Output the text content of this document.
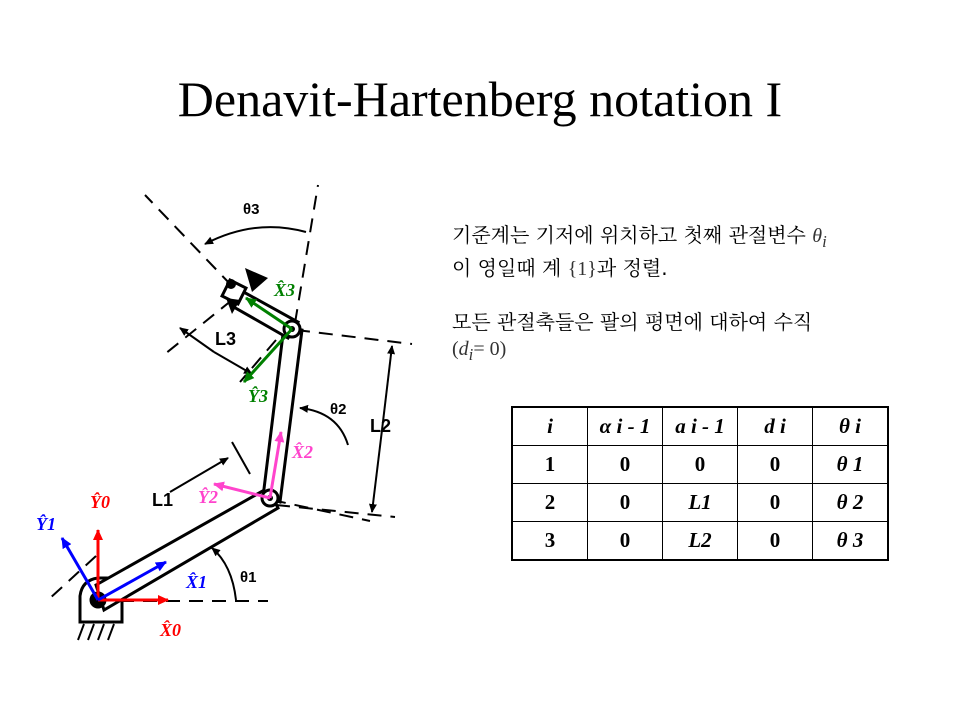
Denavit-Hartenberg notation I
θ1
θ2
θ3
L1
L2
L3
X̂0
Ŷ0
X̂1
Ŷ1
X̂2
Ŷ2
X̂3
Ŷ3
기준계는 기저에 위치하고 첫째 관절변수 $\theta_i$
이 영일때 계 {1}과 정렬.
모든 관절축들은 팔의 평면에 대하여 수직
$(d_i= 0)$
i	α i - 1	a i - 1	d i	θ i
1	0	0	0	θ 1
2	0	L1	0	θ 2
3	0	L2	0	θ 3
